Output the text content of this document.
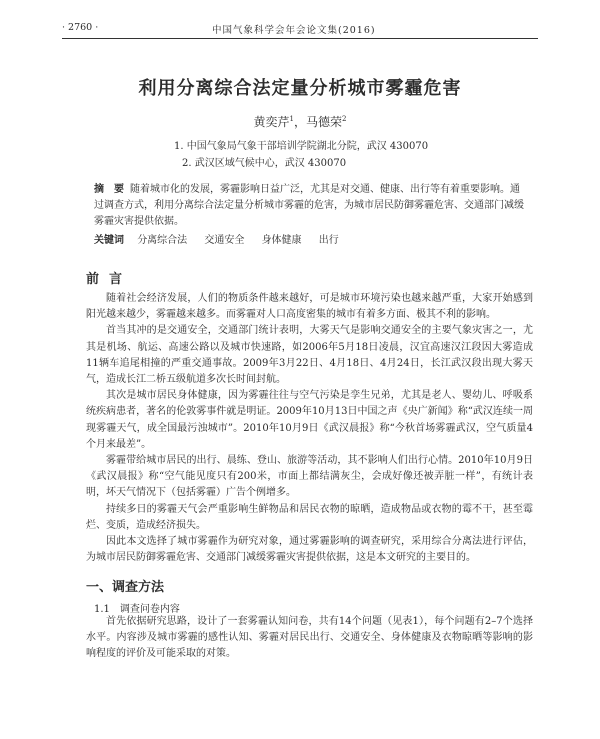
· 2760 ·	中国气象科学会年会论文集(2016)
利用分离综合法定量分析城市雾霾危害
黄奕芹$^1$，马德荣$^2$
1. 中国气象局气象干部培训学院湖北分院，武汉 430070
2. 武汉区域气候中心，武汉 430070
摘　要 随着城市化的发展，雾霾影响日益广泛，尤其是对交通、健康、出行等有着重要影响。通过调查方式，利用分离综合法定量分析城市雾霾的危害，为城市居民防御雾霾危害、交通部门减缓雾霾灾害提供依据。
关键词 分离综合法 交通安全 身体健康 出行
前言

随着社会经济发展，人们的物质条件越来越好，可是城市环境污染也越来越严重，大家开始感到阳光越来越少，雾霾越来越多。而雾霾对人口高度密集的城市有着多方面、极其不利的影响。

首当其冲的是交通安全，交通部门统计表明，大雾天气是影响交通安全的主要气象灾害之一，尤其是机场、航运、高速公路以及城市快速路，如2006年5月18日凌晨，汉宜高速汉江段因大雾造成11辆车追尾相撞的严重交通事故。2009年3月22日、4月18日、4月24日，长江武汉段出现大雾天气，造成长江二桥五级航道多次长时间封航。

其次是城市居民身体健康，因为雾霾往往与空气污染是孪生兄弟，尤其是老人、婴幼儿、呼吸系统疾病患者，著名的伦敦雾事件就是明证。2009年10月13日中国之声《央广新闻》称“武汉连续一周现雾霾天气，成全国最污浊城市”。2010年10月9日《武汉晨报》称“今秋首场雾霾武汉，空气质量4个月来最差”。

雾霾带给城市居民的出行、晨练、登山、旅游等活动，其不影响人们出行心情。2010年10月9日《武汉晨报》称“空气能见度只有200米，市面上都结满灰尘，会成好像还被弄脏一样”，有统计表明，坏天气情况下（包括雾霾）广告个例增多。

持续多日的雾霾天气会严重影响生鲜物品和居民衣物的晾晒，造成物品或衣物的霉不干，甚至霉烂、变质，造成经济损失。

因此本文选择了城市雾霾作为研究对象，通过雾霾影响的调查研究，采用综合分离法进行评估，为城市居民防御雾霾危害、交通部门减缓雾霾灾害提供依据，这是本文研究的主要目的。

一、调查方法
1.1　调查问卷内容

首先依据研究思路，设计了一套雾霾认知问卷，共有14个问题（见表1），每个问题有2–7个选择水平。内容涉及城市雾霾的感性认知、雾霾对居民出行、交通安全、身体健康及衣物晾晒等影响的影响程度的评价及可能采取的对策。
